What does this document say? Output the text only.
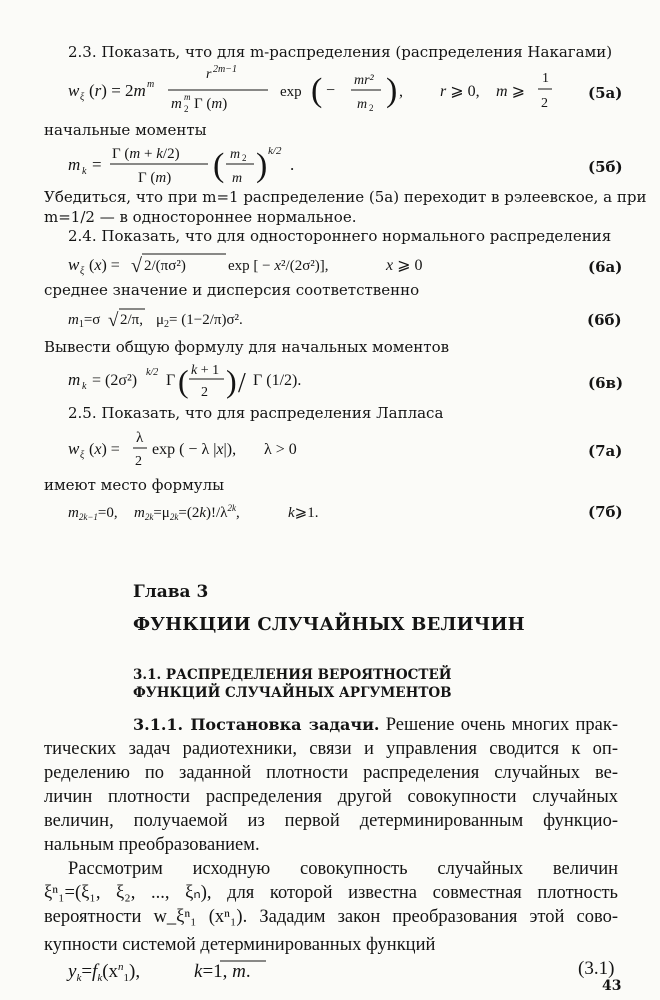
2.3. Показать, что для m-распределения (распределения Накагами)
w ξ (r) = 2m m
r 2m−1
m 2
m Γ (m)
exp ( −
mr²
m 2 ) , r ⩾ 0, m ⩾
1
2
(5а)
начальные моменты
m k =
Γ (m + k/2)
Γ (m) ( m 2
m ) k/2
.	(5б)
Убедиться, что при m=1 распределение (5а) переходит в рэлеевское, а при
m=1/2 — в одностороннее нормальное.
2.4. Показать, что для одностороннего нормального распределения
w ξ (x) = √ 2/(πσ²)	exp [ − x²/(2σ²)],	x ⩾ 0	(6а)
среднее значение и дисперсия соответственно
$m_1=\sigma$ √ 2/π, $\mu_2= (1-2/\pi)\sigma^2$.	(6б)
Вывести общую формулу для начальных моментов
m k = (2σ²) k/2 Γ ( k + 1
2 ) / Γ (1/2).	(6в)
2.5. Показать, что для распределения Лапласа
w ξ (x) =
λ
2
exp ( − λ |x|), λ > 0	(7а)
имеют место формулы
$m_{2k-1}=0$, $m_{2k}=\mu_{2k}=(2k)!/\lambda^{2k}$,	k⩾1.	(7б)
Глава 3
ФУНКЦИИ СЛУЧАЙНЫХ ВЕЛИЧИН
3.1. РАСПРЕДЕЛЕНИЯ ВЕРОЯТНОСТЕЙ
ФУНКЦИЙ СЛУЧАЙНЫХ АРГУМЕНТОВ
3.1.1. Постановка задачи. Решение очень многих прак-
тических задач радиотехники, связи и управления сводится к оп-
ределению по заданной плотности распределения случайных ве-
личин плотности распределения другой совокупности случайных
величин, получаемой из первой детерминированным функцио-
нальным преобразованием.
Рассмотрим исходную совокупность случайных величин
ξⁿ₁=(ξ₁, ξ₂, ..., ξₙ), для которой известна совместная плотность
вероятности w_ξⁿ₁ (xⁿ₁). Зададим закон преобразования этой сово-
купности системой детерминированных функций
$y_k=f_k(x^n_1)$,	k=1, m.	(3.1)
43
